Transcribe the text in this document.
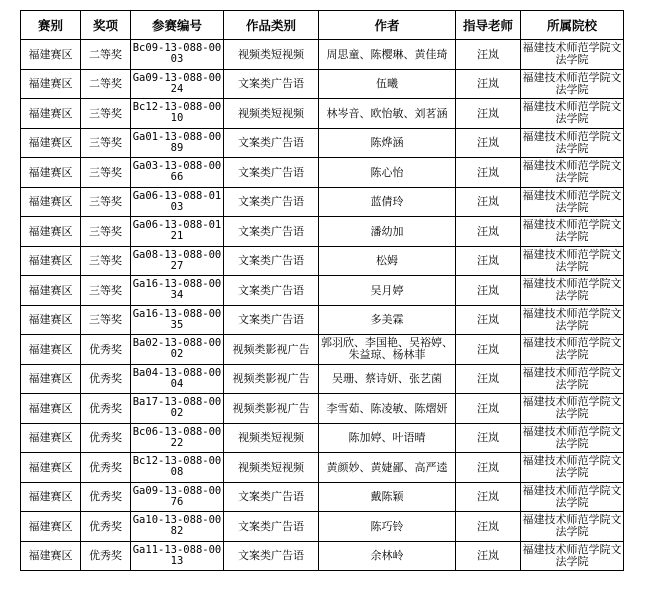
赛别	奖项	参赛编号	作品类别	作者	指导老师	所属院校
福建赛区	二等奖	Bc09-13-088-0003	视频类短视频	周思童、陈樱琳、黄佳琦	汪岚	福建技术师范学院文法学院
福建赛区	二等奖	Ga09-13-088-0024	文案类广告语	伍曦	汪岚	福建技术师范学院文法学院
福建赛区	三等奖	Bc12-13-088-0010	视频类短视频	林岑音、欧怡敏、刘茗涵	汪岚	福建技术师范学院文法学院
福建赛区	三等奖	Ga01-13-088-0089	文案类广告语	陈烨涵	汪岚	福建技术师范学院文法学院
福建赛区	三等奖	Ga03-13-088-0066	文案类广告语	陈心怡	汪岚	福建技术师范学院文法学院
福建赛区	三等奖	Ga06-13-088-0103	文案类广告语	蓝倩玲	汪岚	福建技术师范学院文法学院
福建赛区	三等奖	Ga06-13-088-0121	文案类广告语	潘幼加	汪岚	福建技术师范学院文法学院
福建赛区	三等奖	Ga08-13-088-0027	文案类广告语	松姆	汪岚	福建技术师范学院文法学院
福建赛区	三等奖	Ga16-13-088-0034	文案类广告语	吴月婷	汪岚	福建技术师范学院文法学院
福建赛区	三等奖	Ga16-13-088-0035	文案类广告语	多美霖	汪岚	福建技术师范学院文法学院
福建赛区	优秀奖	Ba02-13-088-0002	视频类影视广告	郭羽欣、李国艳、吴裕婷、朱益琼、杨林菲	汪岚	福建技术师范学院文法学院
福建赛区	优秀奖	Ba04-13-088-0004	视频类影视广告	吴珊、蔡诗妍、张艺菌	汪岚	福建技术师范学院文法学院
福建赛区	优秀奖	Ba17-13-088-0002	视频类影视广告	李雪茹、陈凌敏、陈熠妍	汪岚	福建技术师范学院文法学院
福建赛区	优秀奖	Bc06-13-088-0022	视频类短视频	陈加婷、叶语晴	汪岚	福建技术师范学院文法学院
福建赛区	优秀奖	Bc12-13-088-0008	视频类短视频	黄颜妙、黄婕鄙、高严逵	汪岚	福建技术师范学院文法学院
福建赛区	优秀奖	Ga09-13-088-0076	文案类广告语	戴陈颖	汪岚	福建技术师范学院文法学院
福建赛区	优秀奖	Ga10-13-088-0082	文案类广告语	陈巧铃	汪岚	福建技术师范学院文法学院
福建赛区	优秀奖	Ga11-13-088-0013	文案类广告语	余林岭	汪岚	福建技术师范学院文法学院
